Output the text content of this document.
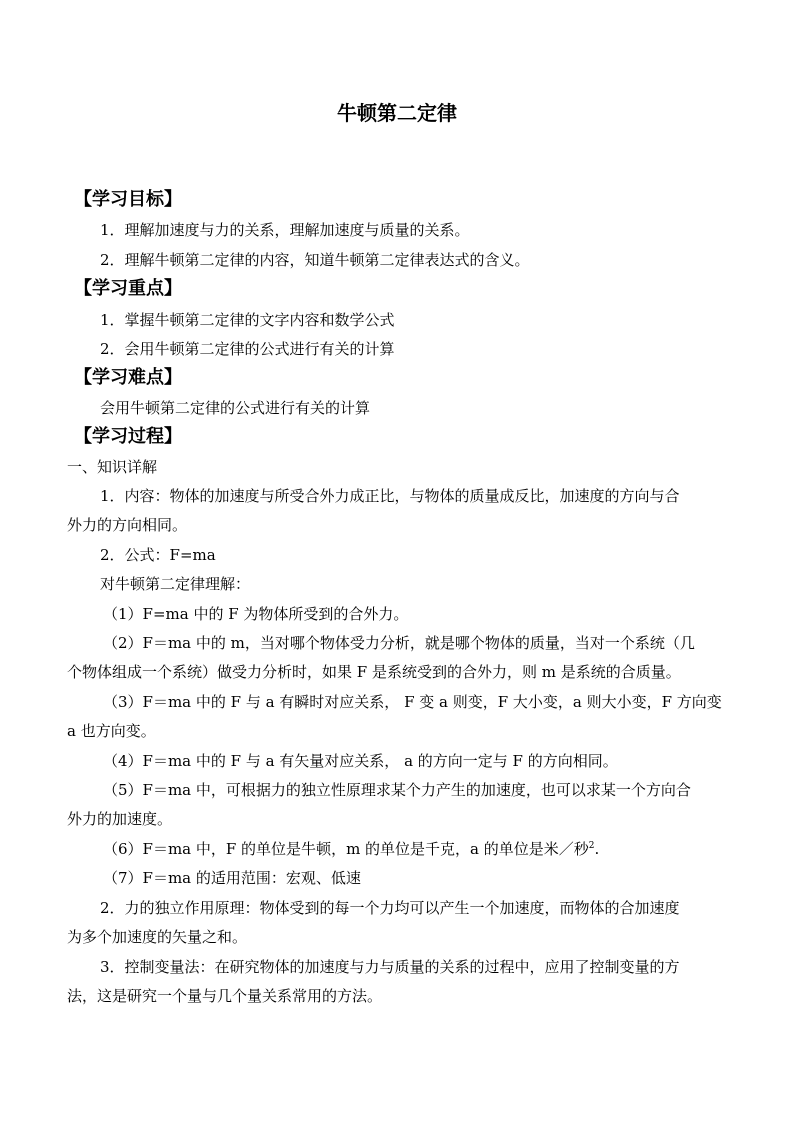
牛顿第二定律
【学习目标】
1．理解加速度与力的关系，理解加速度与质量的关系。
2．理解牛顿第二定律的内容，知道牛顿第二定律表达式的含义。
【学习重点】
1．掌握牛顿第二定律的文字内容和数学公式
2．会用牛顿第二定律的公式进行有关的计算
【学习难点】
会用牛顿第二定律的公式进行有关的计算
【学习过程】
一、知识详解
1．内容：物体的加速度与所受合外力成正比，与物体的质量成反比，加速度的方向与合
外力的方向相同。
2．公式：F=ma
对牛顿第二定律理解：
（1）F=ma 中的 F 为物体所受到的合外力。
（2）F＝ma 中的 m，当对哪个物体受力分析，就是哪个物体的质量，当对一个系统（几
个物体组成一个系统）做受力分析时，如果 F 是系统受到的合外力，则 m 是系统的合质量。
（3）F＝ma 中的 F 与 a 有瞬时对应关系， F 变 a 则变，F 大小变，a 则大小变，F 方向变
a 也方向变。
（4）F＝ma 中的 F 与 a 有矢量对应关系， a 的方向一定与 F 的方向相同。
（5）F＝ma 中，可根据力的独立性原理求某个力产生的加速度，也可以求某一个方向合
外力的加速度。
（6）F＝ma 中，F 的单位是牛顿，m 的单位是千克，a 的单位是米／秒$^2$.
（7）F＝ma 的适用范围：宏观、低速
2．力的独立作用原理：物体受到的每一个力均可以产生一个加速度，而物体的合加速度
为多个加速度的矢量之和。
3．控制变量法：在研究物体的加速度与力与质量的关系的过程中，应用了控制变量的方
法，这是研究一个量与几个量关系常用的方法。
